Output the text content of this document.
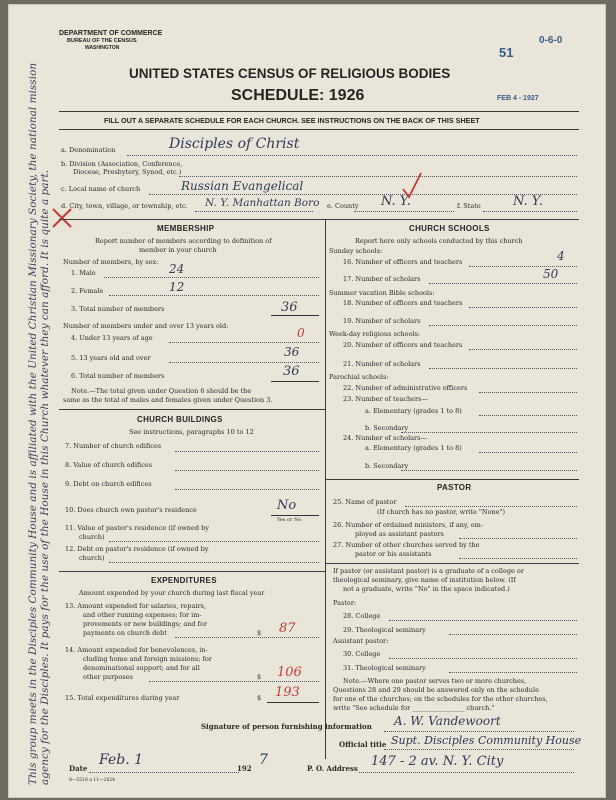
DEPARTMENT OF COMMERCE
BUREAU OF THE CENSUS
WASHINGTON	51
0-6-0
FEB 4 - 1927
UNITED STATES CENSUS OF RELIGIOUS BODIES
SCHEDULE: 1926
FILL OUT A SEPARATE SCHEDULE FOR EACH CHURCH. SEE INSTRUCTIONS ON THE BACK OF THIS SHEET
a. Denomination	Disciples of Christ
b. Division (Association, Conference,
Diocese, Presbytery, Synod, etc.)
c. Local name of church	Russian Evangelical
d. City, town, village, or township, etc. N. Y. Manhattan Boro e. County N. Y.	f. State N. Y.
MEMBERSHIP
Report number of members according to definition of
member in your church
Number of members, by sex:
1. Male	24
2. Female	12
3. Total number of members	36
Number of members under and over 13 years old:
4. Under 13 years of age	0
5. 13 years old and over	36
6. Total number of members	36
Note.—The total given under Question 6 should be the
same as the total of males and females given under Question 3.
CHURCH BUILDINGS
See instructions, paragraphs 10 to 12
7. Number of church edifices
8. Value of church edifices
9. Debt on church edifices
10. Does church own pastor's residence	No
Yes or No
11. Value of pastor's residence (if owned by
church)
12. Debt on pastor's residence (if owned by
church)
EXPENDITURES
Amount expended by your church during last fiscal year
13. Amount expended for salaries, repairs,
and other running expenses; for im-
provements or new buildings; and for
payments on church debt	$ 87
14. Amount expended for benevolences, in-
cluding home and foreign missions; for
denominational support; and for all
other purposes	$ 106
15. Total expenditures during year	$ 193
CHURCH SCHOOLS
Report here only schools conducted by this church
Sunday schools:
16. Number of officers and teachers	4
17. Number of scholars	50
Summer vacation Bible schools:
18. Number of officers and teachers
19. Number of scholars
Week-day religious schools:
20. Number of officers and teachers
21. Number of scholars
Parochial schools:
22. Number of administrative officers
23. Number of teachers—
a. Elementary (grades 1 to 8)
b. Secondary
24. Number of scholars—
a. Elementary (grades 1 to 8)
b. Secondary
PASTOR
25. Name of pastor
(If church has no pastor, write "None")
26. Number of ordained ministers, if any, em-
ployed as assistant pastors
27. Number of other churches served by the
pastor or his assistants
If pastor (or assistant pastor) is a graduate of a college or
theological seminary, give name of institution below. (If
not a graduate, write "No" in the space indicated.)
Pastor:
28. College
29. Theological seminary
Assistant pastor:
30. College
31. Theological seminary
Note.—Where one pastor serves two or more churches,
Questions 28 and 29 should be answered only on the schedule
for one of the churches; on the schedules for the other churches,
write "See schedule for ________________ church."
Signature of person furnishing information A. W. Vandewoort
Official title Supt. Disciples Community House
Date
Feb. 1
192
7
P. O. Address 147 - 2 av. N. Y. City
8—5518 a 11—2624
This group meets in the Disciples Community House and is affiliated with the United Christian Missionary Society, the national mission agency for the Disciples. It pays for the use of the House in this Church whatever they can afford. It is quite a part.
